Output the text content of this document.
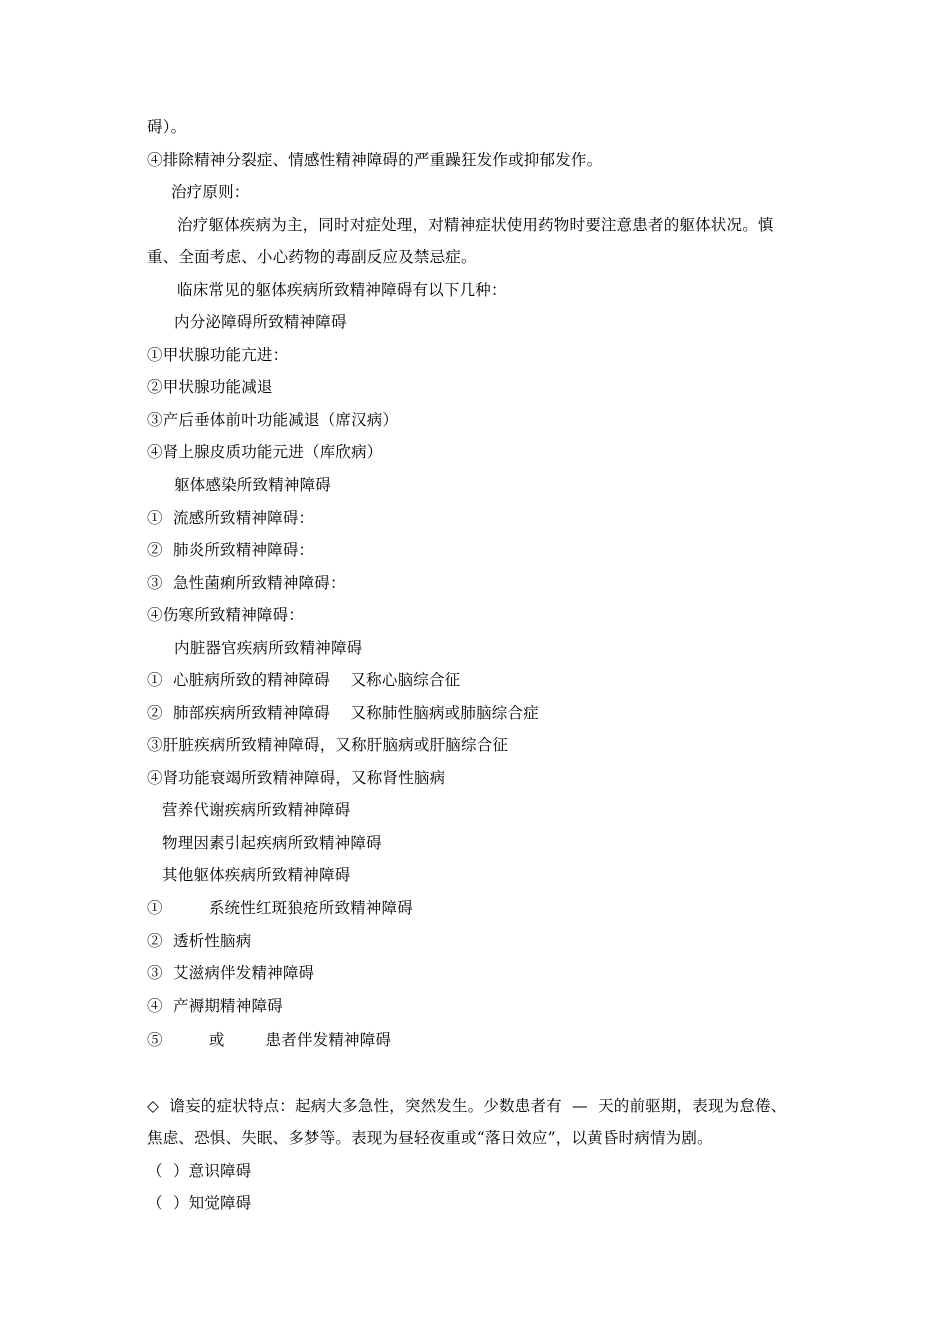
碍）。
④排除精神分裂症、情感性精神障碍的严重躁狂发作或抑郁发作。
治疗原则：
治疗躯体疾病为主，同时对症处理，对精神症状使用药物时要注意患者的躯体状况。慎
重、全面考虑、小心药物的毒副反应及禁忌症。
临床常见的躯体疾病所致精神障碍有以下几种：
内分泌障碍所致精神障碍
①甲状腺功能亢进：
②甲状腺功能减退
③产后垂体前叶功能减退（席汉病）
④肾上腺皮质功能元进（库欣病）
躯体感染所致精神障碍
①  流感所致精神障碍：
②  肺炎所致精神障碍：
③  急性菌痢所致精神障碍：
④伤寒所致精神障碍：
内脏器官疾病所致精神障碍
①  心脏病所致的精神障碍    又称心脑综合征
②  肺部疾病所致精神障碍    又称肺性脑病或肺脑综合症
③肝脏疾病所致精神障碍，又称肝脑病或肝脑综合征
④肾功能衰竭所致精神障碍，又称肾性脑病
营养代谢疾病所致精神障碍
物理因素引起疾病所致精神障碍
其他躯体疾病所致精神障碍
①         系统性红斑狼疮所致精神障碍
②  透析性脑病
③  艾滋病伴发精神障碍
④  产褥期精神障碍
⑤         或        患者伴发精神障碍
◇  谵妄的症状特点：起病大多急性，突然发生。少数患者有  —  天的前驱期，表现为怠倦、
焦虑、恐惧、失眠、多梦等。表现为昼轻夜重或“落日效应”，以黄昏时病情为剧。
（  ）意识障碍
（  ）知觉障碍
